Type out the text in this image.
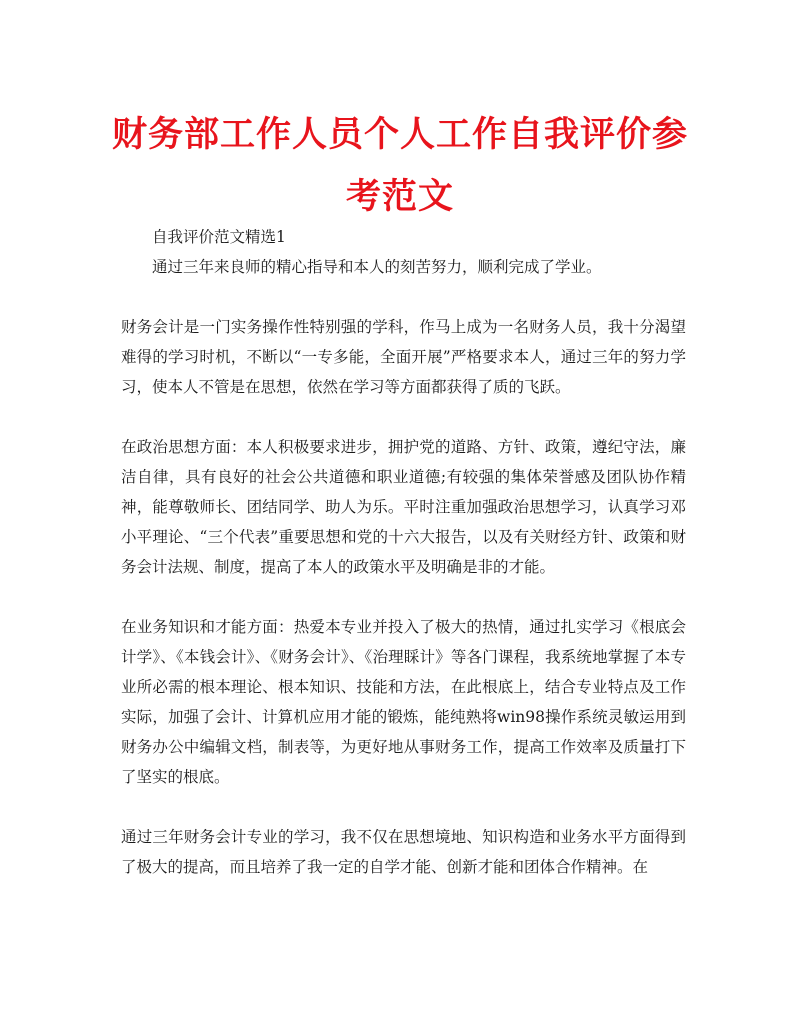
财务部工作人员个人工作自我评价参考范文

自我评价范文精选1

通过三年来良师的精心指导和本人的刻苦努力，顺利完成了学业。

财务会计是一门实务操作性特别强的学科，作马上成为一名财务人员，我十分渴望难得的学习时机，不断以“一专多能，全面开展”严格要求本人，通过三年的努力学习，使本人不管是在思想，依然在学习等方面都获得了质的飞跃。

在政治思想方面：本人积极要求进步，拥护党的道路、方针、政策，遵纪守法，廉洁自律，具有良好的社会公共道德和职业道德;有较强的集体荣誉感及团队协作精神，能尊敬师长、团结同学、助人为乐。平时注重加强政治思想学习，认真学习邓小平理论、“三个代表”重要思想和党的十六大报告，以及有关财经方针、政策和财务会计法规、制度，提高了本人的政策水平及明确是非的才能。

在业务知识和才能方面：热爱本专业并投入了极大的热情，通过扎实学习《根底会计学》、《本钱会计》、《财务会计》、《治理睬计》等各门课程，我系统地掌握了本专业所必需的根本理论、根本知识、技能和方法，在此根底上，结合专业特点及工作实际，加强了会计、计算机应用才能的锻炼，能纯熟将win98操作系统灵敏运用到财务办公中编辑文档，制表等，为更好地从事财务工作，提高工作效率及质量打下了坚实的根底。

通过三年财务会计专业的学习，我不仅在思想境地、知识构造和业务水平方面得到了极大的提高，而且培养了我一定的自学才能、创新才能和团体合作精神。在
